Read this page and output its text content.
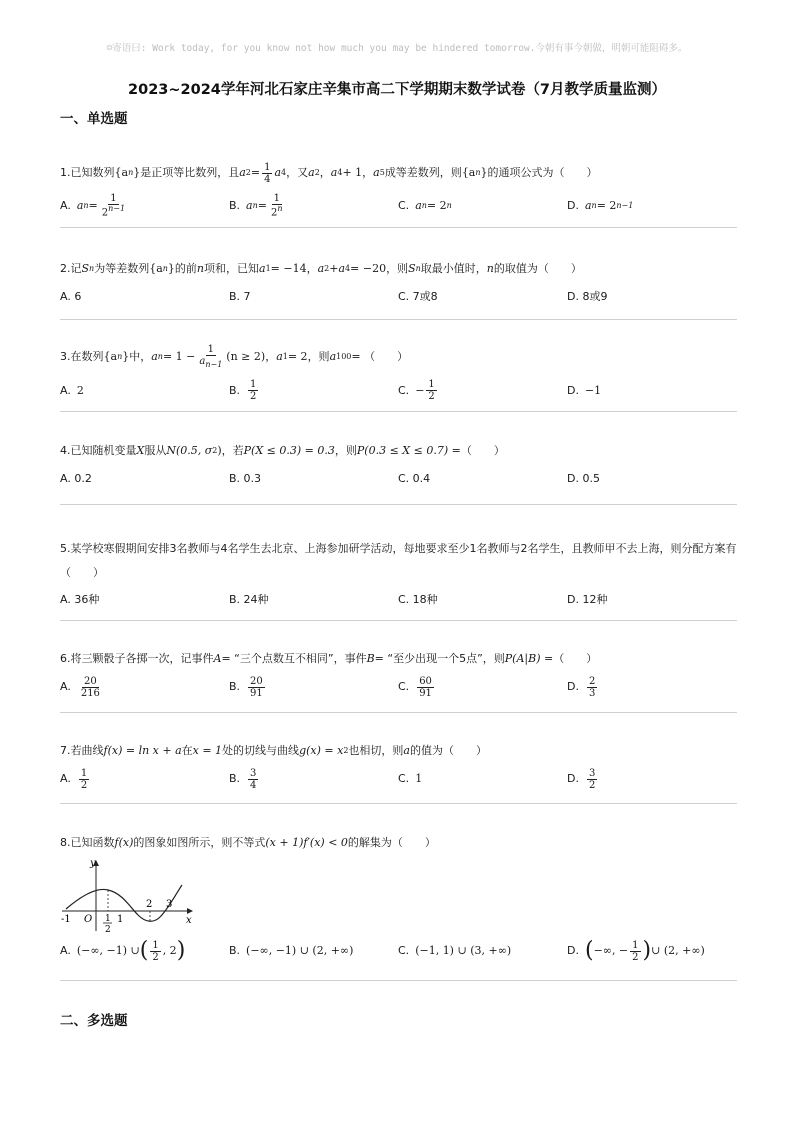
☺寄语曰: Work today, for you know not how much you may be hindered tomorrow.今朝有事今朝做，明朝可能阻碍多。
2023~2024学年河北石家庄辛集市高二下学期期末数学试卷（7月教学质量监测）
一、单选题
1. 已知数列 {a n } 是正项等比数列，且 a $2 = \frac{1}{4}$ a 4 ，又 a 2 ， a 4 + 1 ， a 5 成等差数列，则 {a n } 的通项公式为（　　）
A. a $n = \frac{1}{2^{n-1}}$	B. a $n = \frac{1}{2^n}$	C. a n = 2 n	D. a n = 2 n−1
2. 记 S n 为等差数列 {a n } 的前 n 项和，已知 a 1 = −14 ， a 2 + a 4 = −20 ，则 S n 取最小值时， n 的取值为（　　）
A. 6	B. 7	C. 7或8	D. 8或9
3. 在数列 {a n } 中， a $n = 1 - \frac{1}{a_{n-1}} (n \ge 2)$ ， a 1 = 2 ，则 a 100 = （　　）
A. 2	B. $\frac{1}{2}$	C. − $\frac{1}{2}$	D. −1
4. 已知随机变量 X 服从 N(0.5, σ 2 ) ，若 P(X ≤ 0.3) = 0.3 ，则 P(0.3 ≤ X ≤ 0.7) = （　　）
A. 0.2	B. 0.3	C. 0.4	D. 0.5
5.某学校寒假期间安排3名教师与4名学生去北京、上海参加研学活动，每地要求至少1名教师与2名学生，且教师甲不去上海，则分配方案有（　　）
A. 36种	B. 24种	C. 18种	D. 12种
6. 将三颗骰子各掷一次，记事件 A = “三个点数互不相同”，事件 B = “至少出现一个5点”，则 P(A|B) = （　　）
A. $\frac{20}{216}$	B. $\frac{20}{91}$	C. $\frac{60}{91}$	D. $\frac{2}{3}$
7. 若曲线 f(x) = ln x + a 在 x = 1 处的切线与曲线 g(x) = x 2 也相切，则 a 的值为（　　）
A. $\frac{1}{2}$	B. $\frac{3}{4}$	C. 1	D. $\frac{3}{2}$
8. 已知函数 f(x) 的图象如图所示，则不等式 (x + 1)f′(x) < 0 的解集为（　　）
y
x
O
-1	1
2
1
2 3
A. (−∞, −1) ∪ ( $\frac{1}{2}$ , 2 )	B. (−∞, −1) ∪ (2, +∞)	C. (−1, 1) ∪ (3, +∞)	D. ( −∞, − $\frac{1}{2}$ ) ∪ (2, +∞)
二、多选题
